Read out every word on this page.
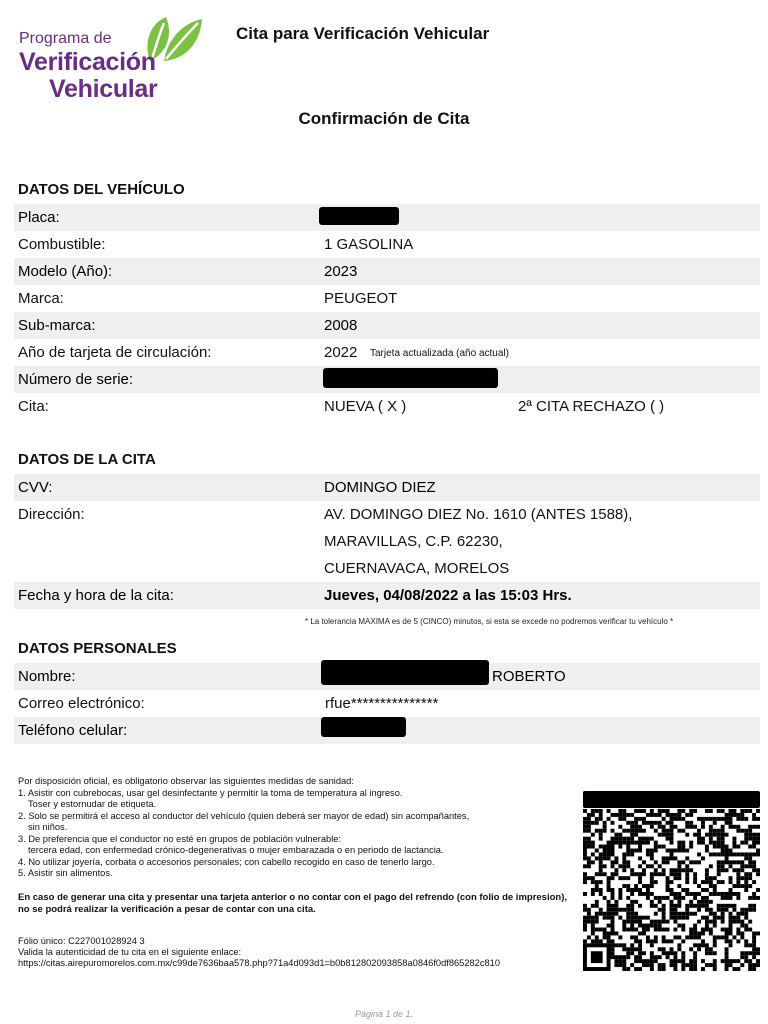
Programa de
Verificación
Vehicular
Cita para Verificación Vehicular
Confirmación de Cita
DATOS DEL VEHÍCULO
Placa:
Combustible:	1 GASOLINA
Modelo (Año):	2023
Marca:	PEUGEOT
Sub-marca:	2008
Año de tarjeta de circulación:	2022 Tarjeta actualizada (año actual)
Número de serie:
Cita:	NUEVA ( X )	2ª CITA RECHAZO ( )
DATOS DE LA CITA
CVV:	DOMINGO DIEZ
Dirección:	AV. DOMINGO DIEZ No. 1610 (ANTES 1588),
MARAVILLAS, C.P. 62230,
CUERNAVACA, MORELOS
Fecha y hora de la cita:	Jueves, 04/08/2022 a las 15:03 Hrs.
* La tolerancia MAXIMA es de 5 (CINCO) minutos, si esta se excede no podremos verificar tu vehículo *
DATOS PERSONALES
Nombre:	ROBERTO
Correo electrónico:	rfue***************
Teléfono celular:
Por disposición oficial, es obligatorio observar las siguientes medidas de sanidad:
1. Asistir con cubrebocas, usar gel desinfectante y permitir la toma de temperatura al ingreso.
Toser y estornudar de etiqueta.
2. Solo se permitirá el acceso al conductor del vehículo (quien deberá ser mayor de edad) sin acompañantes,
sin niños.
3. De preferencia que el conductor no esté en grupos de población vulnerable:
tercera edad, con enfermedad crónico-degenerativas o mujer embarazada o en periodo de lactancia.
4. No utilizar joyería, corbata o accesorios personales; con cabello recogido en caso de tenerlo largo.
5. Asistir sin alimentos.
En caso de generar una cita y presentar una tarjeta anterior o no contar con el pago del refrendo (con folio de impresion), no se podrá realizar la verificación a pesar de contar con una cita.
Fólio único: C227001028924 3
Valida la autenticidad de tu cita en el siguiente enlace:
https://citas.airepuromorelos.com.mx/c99de7636baa578.php?71a4d093d1=b0b812802093858a0846f0df865282c810
Página 1 de 1.
